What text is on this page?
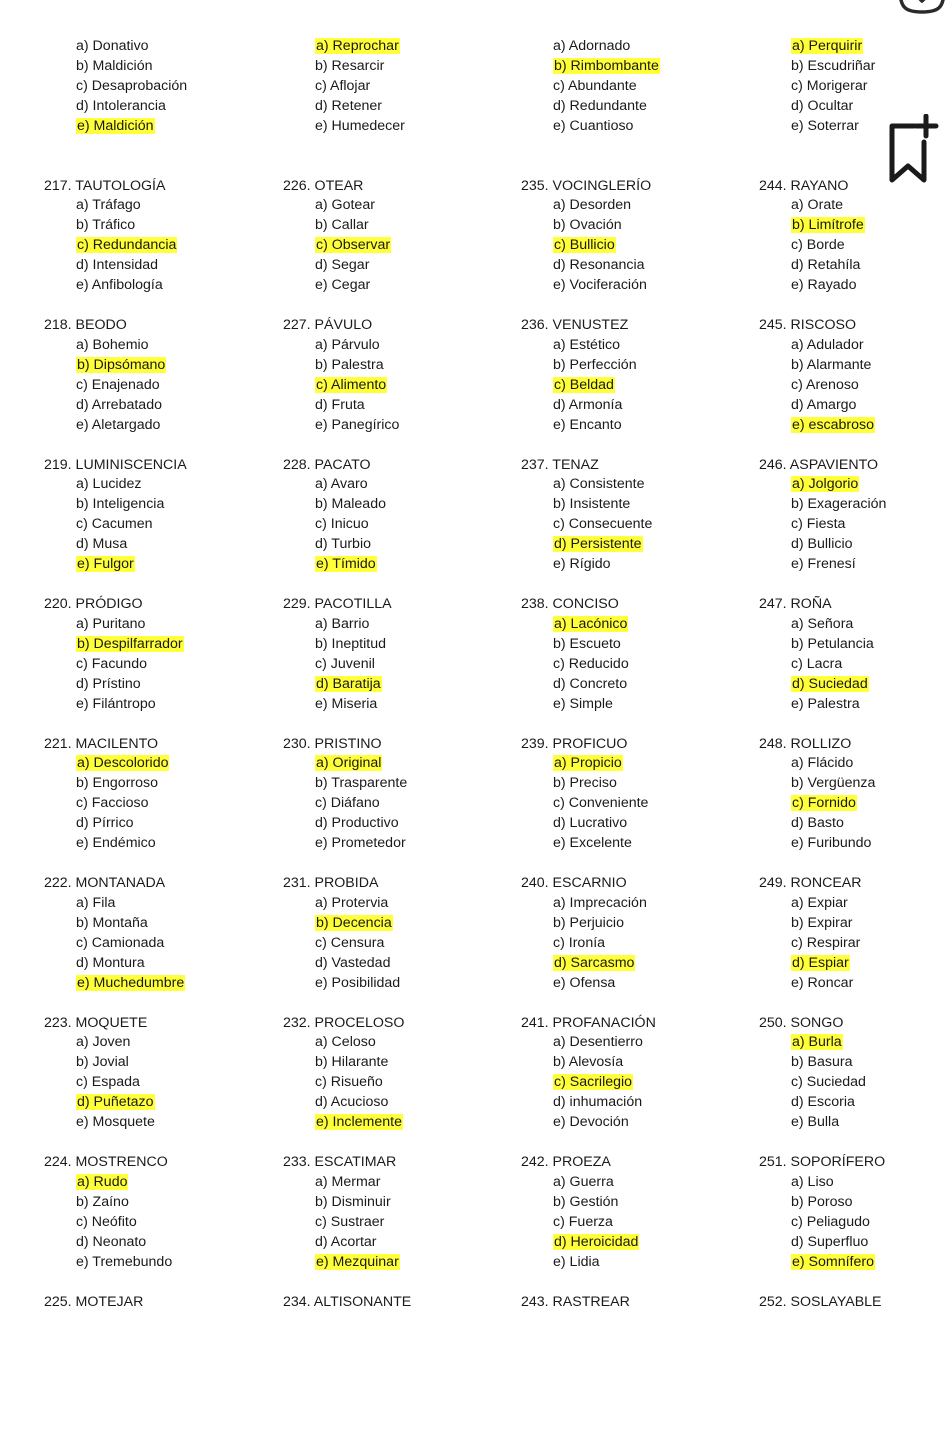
a) Donativo
b) Maldición
c) Desaprobación
d) Intolerancia
e) Maldición
217. TAUTOLOGÍA
a) Tráfago
b) Tráfico
c) Redundancia
d) Intensidad
e) Anfibología
218. BEODO
a) Bohemio
b) Dipsómano
c) Enajenado
d) Arrebatado
e) Aletargado
219. LUMINISCENCIA
a) Lucidez
b) Inteligencia
c) Cacumen
d) Musa
e) Fulgor
220. PRÓDIGO
a) Puritano
b) Despilfarrador
c) Facundo
d) Prístino
e) Filántropo
221. MACILENTO
a) Descolorido
b) Engorroso
c) Faccioso
d) Pírrico
e) Endémico
222. MONTANADA
a) Fila
b) Montaña
c) Camionada
d) Montura
e) Muchedumbre
223. MOQUETE
a) Joven
b) Jovial
c) Espada
d) Puñetazo
e) Mosquete
224. MOSTRENCO
a) Rudo
b) Zaíno
c) Neófito
d) Neonato
e) Tremebundo
225. MOTEJAR
a) Reprochar
b) Resarcir
c) Aflojar
d) Retener
e) Humedecer
226. OTEAR
a) Gotear
b) Callar
c) Observar
d) Segar
e) Cegar
227. PÁVULO
a) Párvulo
b) Palestra
c) Alimento
d) Fruta
e) Panegírico
228. PACATO
a) Avaro
b) Maleado
c) Inicuo
d) Turbio
e) Tímido
229. PACOTILLA
a) Barrio
b) Ineptitud
c) Juvenil
d) Baratija
e) Miseria
230. PRISTINO
a) Original
b) Trasparente
c) Diáfano
d) Productivo
e) Prometedor
231. PROBIDA
a) Protervia
b) Decencia
c) Censura
d) Vastedad
e) Posibilidad
232. PROCELOSO
a) Celoso
b) Hilarante
c) Risueño
d) Acucioso
e) Inclemente
233. ESCATIMAR
a) Mermar
b) Disminuir
c) Sustraer
d) Acortar
e) Mezquinar
234. ALTISONANTE
a) Adornado
b) Rimbombante
c) Abundante
d) Redundante
e) Cuantioso
235. VOCINGLERÍO
a) Desorden
b) Ovación
c) Bullicio
d) Resonancia
e) Vociferación
236. VENUSTEZ
a) Estético
b) Perfección
c) Beldad
d) Armonía
e) Encanto
237. TENAZ
a) Consistente
b) Insistente
c) Consecuente
d) Persistente
e) Rígido
238. CONCISO
a) Lacónico
b) Escueto
c) Reducido
d) Concreto
e) Simple
239. PROFICUO
a) Propicio
b) Preciso
c) Conveniente
d) Lucrativo
e) Excelente
240. ESCARNIO
a) Imprecación
b) Perjuicio
c) Ironía
d) Sarcasmo
e) Ofensa
241. PROFANACIÓN
a) Desentierro
b) Alevosía
c) Sacrilegio
d) inhumación
e) Devoción
242. PROEZA
a) Guerra
b) Gestión
c) Fuerza
d) Heroicidad
e) Lidia
243. RASTREAR
a) Perquirir
b) Escudriñar
c) Morigerar
d) Ocultar
e) Soterrar
244. RAYANO
a) Orate
b) Limítrofe
c) Borde
d) Retahíla
e) Rayado
245. RISCOSO
a) Adulador
b) Alarmante
c) Arenoso
d) Amargo
e) escabroso
246. ASPAVIENTO
a) Jolgorio
b) Exageración
c) Fiesta
d) Bullicio
e) Frenesí
247. ROÑA
a) Señora
b) Petulancia
c) Lacra
d) Suciedad
e) Palestra
248. ROLLIZO
a) Flácido
b) Vergüenza
c) Fornido
d) Basto
e) Furibundo
249. RONCEAR
a) Expiar
b) Expirar
c) Respirar
d) Espiar
e) Roncar
250. SONGO
a) Burla
b) Basura
c) Suciedad
d) Escoria
e) Bulla
251. SOPORÍFERO
a) Liso
b) Poroso
c) Peliagudo
d) Superfluo
e) Somnífero
252. SOSLAYABLE
